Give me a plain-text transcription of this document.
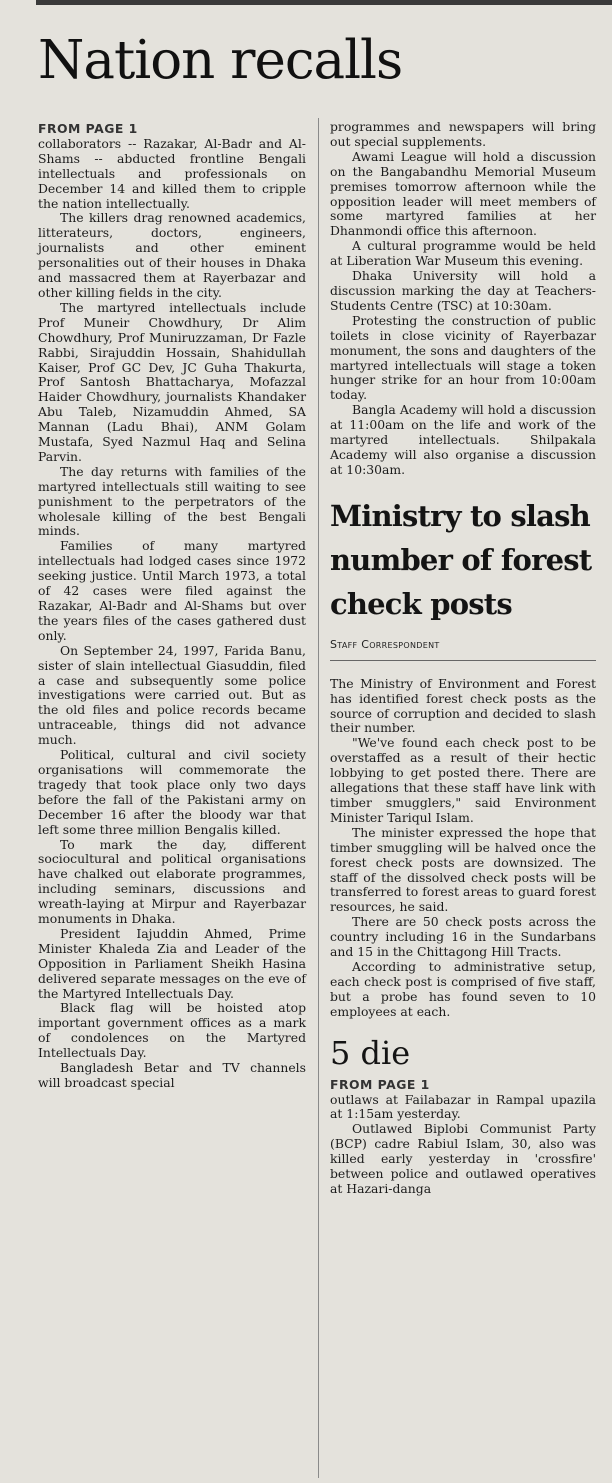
Nation recalls

FROM PAGE 1

collaborators -- Razakar, Al-Badr and Al-Shams -- abducted frontline Bengali intellectuals and professionals on December 14 and killed them to cripple the nation intellectually.

The killers drag renowned academics, litterateurs, doctors, engineers, journalists and other eminent personalities out of their houses in Dhaka and massacred them at Rayerbazar and other killing fields in the city.

The martyred intellectuals include Prof Muneir Chowdhury, Dr Alim Chowdhury, Prof Muniruzzaman, Dr Fazle Rabbi, Sirajuddin Hossain, Shahidullah Kaiser, Prof GC Dev, JC Guha Thakurta, Prof Santosh Bhattacharya, Mofazzal Haider Chowdhury, journalists Khandaker Abu Taleb, Nizamuddin Ahmed, SA Mannan (Ladu Bhai), ANM Golam Mustafa, Syed Nazmul Haq and Selina Parvin.

The day returns with families of the martyred intellectuals still waiting to see punishment to the perpetrators of the wholesale killing of the best Bengali minds.

Families of many martyred intellectuals had lodged cases since 1972 seeking justice. Until March 1973, a total of 42 cases were filed against the Razakar, Al-Badr and Al-Shams but over the years files of the cases gathered dust only.

On September 24, 1997, Farida Banu, sister of slain intellectual Giasuddin, filed a case and subsequently some police investigations were carried out. But as the old files and police records became untraceable, things did not advance much.

Political, cultural and civil society organisations will commemorate the tragedy that took place only two days before the fall of the Pakistani army on December 16 after the bloody war that left some three million Bengalis killed.

To mark the day, different sociocultural and political organisations have chalked out elaborate programmes, including seminars, discussions and wreath-laying at Mirpur and Rayerbazar monuments in Dhaka.

President Iajuddin Ahmed, Prime Minister Khaleda Zia and Leader of the Opposition in Parliament Sheikh Hasina delivered separate messages on the eve of the Martyred Intellectuals Day.

Black flag will be hoisted atop important government offices as a mark of condolences on the Martyred Intellectuals Day.

Bangladesh Betar and TV channels will broadcast special

programmes and newspapers will bring out special supplements.

Awami League will hold a discussion on the Bangabandhu Memorial Museum premises tomorrow afternoon while the opposition leader will meet members of some martyred families at her Dhanmondi office this afternoon.

A cultural programme would be held at Liberation War Museum this evening.

Dhaka University will hold a discussion marking the day at Teachers-Students Centre (TSC) at 10:30am.

Protesting the construction of public toilets in close vicinity of Rayerbazar monument, the sons and daughters of the martyred intellectuals will stage a token hunger strike for an hour from 10:00am today.

Bangla Academy will hold a discussion at 11:00am on the life and work of the martyred intellectuals. Shilpakala Academy will also organise a discussion at 10:30am.

Ministry to slash number of forest check posts
Staff Correspondent

The Ministry of Environment and Forest has identified forest check posts as the source of corruption and decided to slash their number.

"We've found each check post to be overstaffed as a result of their hectic lobbying to get posted there. There are allegations that these staff have link with timber smugglers," said Environment Minister Tariqul Islam.

The minister expressed the hope that timber smuggling will be halved once the forest check posts are downsized. The staff of the dissolved check posts will be transferred to forest areas to guard forest resources, he said.

There are 50 check posts across the country including 16 in the Sundarbans and 15 in the Chittagong Hill Tracts.

According to administrative setup, each check post is comprised of five staff, but a probe has found seven to 10 employees at each.

5 die

FROM PAGE 1

outlaws at Failabazar in Rampal upazila at 1:15am yesterday.

Outlawed Biplobi Communist Party (BCP) cadre Rabiul Islam, 30, also was killed early yesterday in 'crossfire' between police and outlawed operatives at Hazari-danga
